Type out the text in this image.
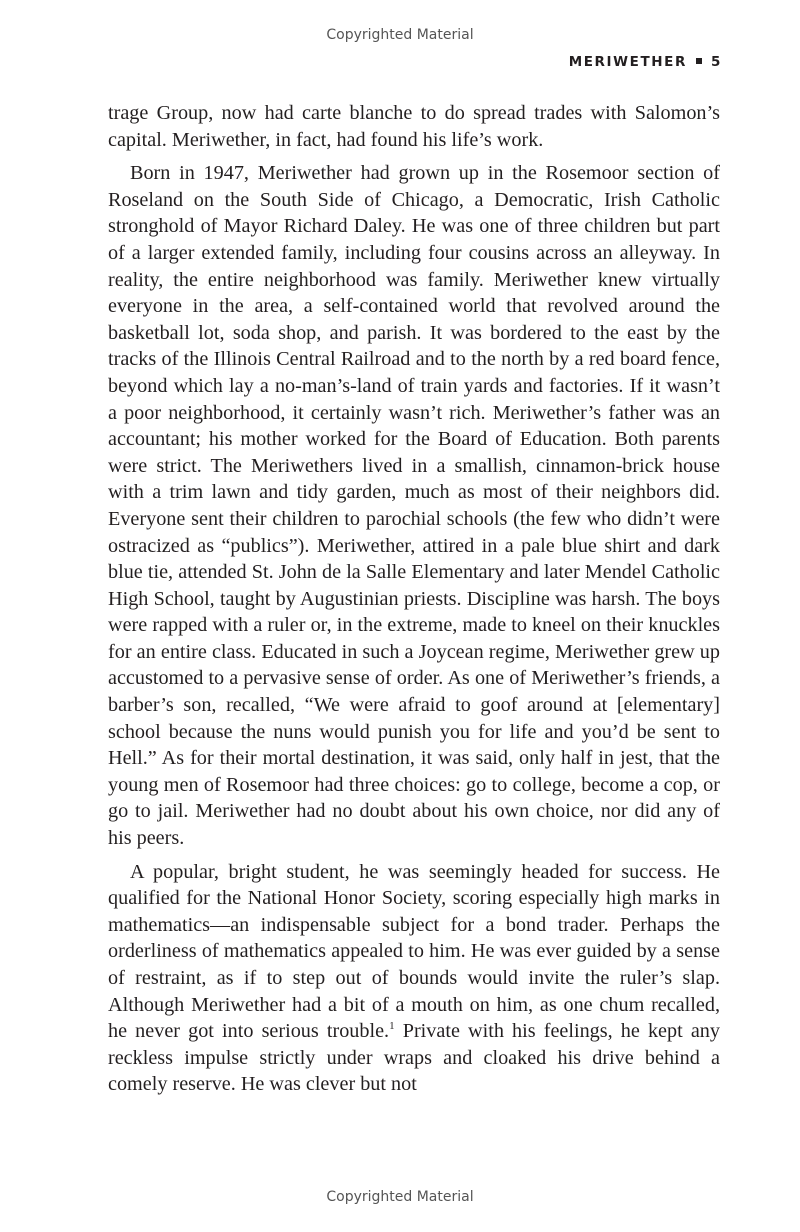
Copyrighted Material
MERIWETHER 5

trage Group, now had carte blanche to do spread trades with Salomon’s capital. Meriwether, in fact, had found his life’s work.

Born in 1947, Meriwether had grown up in the Rosemoor section of Roseland on the South Side of Chicago, a Democratic, Irish Catholic stronghold of Mayor Richard Daley. He was one of three children but part of a larger extended family, including four cousins across an alleyway. In reality, the entire neighborhood was family. Meriwether knew virtually everyone in the area, a self-contained world that revolved around the basketball lot, soda shop, and parish. It was bordered to the east by the tracks of the Illinois Central Railroad and to the north by a red board fence, beyond which lay a no-man’s-land of train yards and factories. If it wasn’t a poor neighborhood, it certainly wasn’t rich. Meriwether’s father was an accountant; his mother worked for the Board of Education. Both parents were strict. The Meriwethers lived in a smallish, cinnamon-brick house with a trim lawn and tidy garden, much as most of their neighbors did. Everyone sent their children to parochial schools (the few who didn’t were ostracized as “publics”). Meriwether, attired in a pale blue shirt and dark blue tie, attended St. John de la Salle Elementary and later Mendel Catholic High School, taught by Augustinian priests. Discipline was harsh. The boys were rapped with a ruler or, in the extreme, made to kneel on their knuckles for an entire class. Educated in such a Joycean regime, Meriwether grew up accustomed to a pervasive sense of order. As one of Meriwether’s friends, a barber’s son, recalled, “We were afraid to goof around at [elementary] school because the nuns would punish you for life and you’d be sent to Hell.” As for their mortal destination, it was said, only half in jest, that the young men of Rosemoor had three choices: go to college, become a cop, or go to jail. Meriwether had no doubt about his own choice, nor did any of his peers.

A popular, bright student, he was seemingly headed for success. He qualified for the National Honor Society, scoring especially high marks in mathematics—an indispensable subject for a bond trader. Perhaps the orderliness of mathematics appealed to him. He was ever guided by a sense of restraint, as if to step out of bounds would invite the ruler’s slap. Although Meriwether had a bit of a mouth on him, as one chum recalled, he never got into serious trouble.$^1$ Private with his feelings, he kept any reckless impulse strictly under wraps and cloaked his drive behind a comely reserve. He was clever but not

Copyrighted Material
